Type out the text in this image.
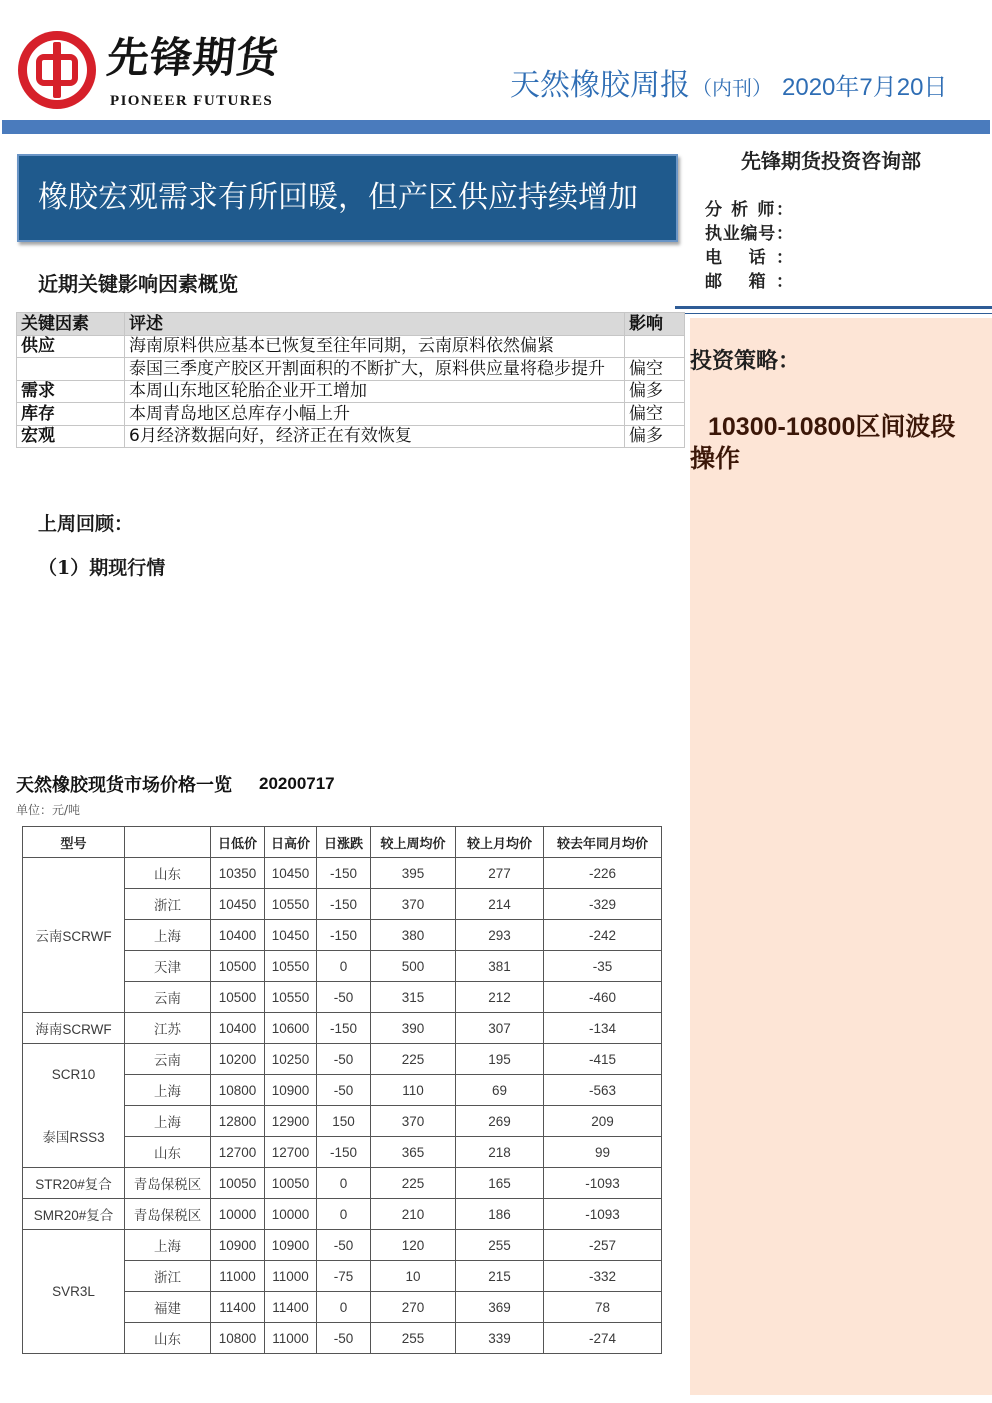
先锋期货
PIONEER FUTURES	天然橡胶周报 （内刊） 2020年7月20日
橡胶宏观需求有所回暖，但产区供应持续增加
先锋期货投资咨询部
分 析 师：
执业编号：
电 话：
邮 箱：
投资策略：
10300-10800区间波段操作
近期关键影响因素概览
关键因素	评述	影响
供应	海南原料供应基本已恢复至往年同期，云南原料依然偏紧	
	泰国三季度产胶区开割面积的不断扩大，原料供应量将稳步提升	偏空
需求	本周山东地区轮胎企业开工增加	偏多
库存	本周青岛地区总库存小幅上升	偏空
宏观	6月经济数据向好，经济正在有效恢复	偏多
上周回顾：
（1）期现行情
天然橡胶现货市场价格一览 20200717
单位：元/吨
型号		日低价	日高价	日涨跌	较上周均价	较上月均价	较去年同月均价
云南SCRWF	山东	10350	10450	-150	395	277	-226
	浙江	10450	10550	-150	370	214	-329
	上海	10400	10450	-150	380	293	-242
	天津	10500	10550	0	500	381	-35
	云南	10500	10550	-50	315	212	-460
海南SCRWF	江苏	10400	10600	-150	390	307	-134
SCR10	云南	10200	10250	-50	225	195	-415
	上海	10800	10900	-50	110	69	-563
泰国RSS3	上海	12800	12900	150	370	269	209
	山东	12700	12700	-150	365	218	99
STR20#复合	青岛保税区	10050	10050	0	225	165	-1093
SMR20#复合	青岛保税区	10000	10000	0	210	186	-1093
SVR3L	上海	10900	10900	-50	120	255	-257
	浙江	11000	11000	-75	10	215	-332
	福建	11400	11400	0	270	369	78
	山东	10800	11000	-50	255	339	-274
